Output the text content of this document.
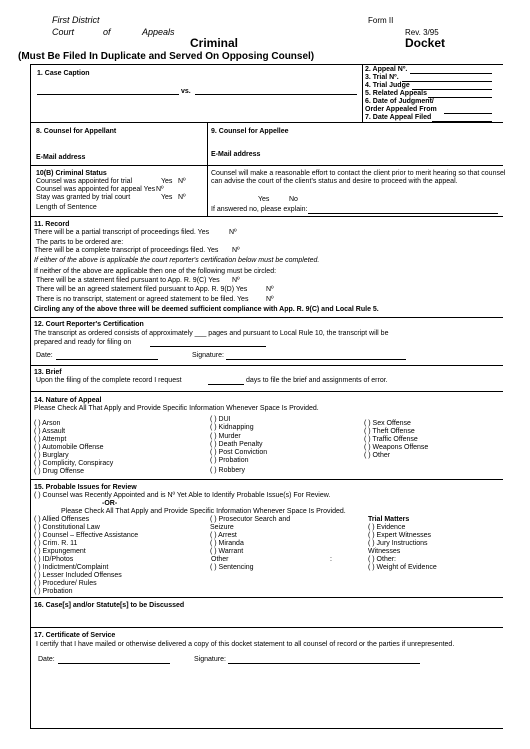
First District
Court	of	Appeals
Form II
Rev. 3/95
Criminal	Docket
(Must Be Filed In Duplicate and Served On Opposing Counsel)
1. Case Caption
vs.
2. Appeal Nº.
3. Trial Nº.
4. Trial Judge
5. Related Appeals
6. Date of Judgment/
Order Appealed From
7. Date Appeal Filed
8. Counsel for Appellant
E-Mail address
9. Counsel for Appellee
E-Mail address
10(B) Criminal Status
Counsel was appointed for trial	Yes Nº
Counsel was appointed for appeal Yes Nº
Stay was granted by trial court	Yes Nº
Length of Sentence
Counsel will make a reasonable effort to contact the client prior to merit hearing so that counsel
can advise the court of the client’s status and desire to proceed with the appeal.
Yes	No
If answered no, please explain:
11. Record
There will be a partial transcript of proceedings filed. Yes	Nº
The parts to be ordered are:
There will be a complete transcript of proceedings filed. Yes Nº
If either of the above is applicable the court reporter's certification below must be completed.
If neither of the above are applicable then one of the following must be circled:
There will be a statement filed pursuant to App. R. 9(C) Yes Nº
There will be an agreed statement filed pursuant to App. R. 9(D) Yes	Nº
There is no transcript, statement or agreed statement to be filed. Yes	Nº
Circling any of the above three will be deemed sufficient compliance with App. R. 9(C) and Local Rule 5.
12. Court Reporter's Certification
The transcript as ordered consists of approximately ___ pages and pursuant to Local Rule 10, the transcript will be
prepared and ready for filing on
Date:	Signature:
13. Brief
Upon the filing of the complete record I request	days to file the brief and assignments of error.
14. Nature of Appeal
Please Check All That Apply and Provide Specific Information Whenever Space Is Provided.
( ) Arson
( ) Assault
( ) Attempt
( ) Automobile Offense
( ) Burglary
( ) Complicity, Conspiracy
( ) Drug Offense
( ) DUI
( ) Kidnapping
( ) Murder
( ) Death Penalty
( ) Post Conviction
( ) Probation
( ) Robbery
( ) Sex Offense
( ) Theft Offense
( ) Traffic Offense
( ) Weapons Offense
( ) Other
15. Probable Issues for Review
( ) Counsel was Recently Appointed and is Nº Yet Able to Identify Probable Issue(s) For Review.
-OR-
Please Check All That Apply and Provide Specific Information Whenever Space Is Provided.
( ) Allied Offenses
( ) Constitutional Law
( ) Counsel – Effective Assistance
( ) Crim. R. 11
( ) Expungement
( ) ID/Photos
( ) Indictment/Complaint
( ) Lesser Included Offenses
( ) Procedure/ Rules
( ) Probation
( ) Prosecutor Search and
Seizure
( ) Arrest
( ) Miranda
( ) Warrant
Other	:
( ) Sentencing
Trial Matters
( ) Evidence
( ) Expert Witnesses
( ) Jury Instructions
Witnesses
( ) Other:
( ) Weight of Evidence
16. Case[s] and/or Statute[s] to be Discussed
17. Certificate of Service
I certify that I have mailed or otherwise delivered a copy of this docket statement to all counsel of record or the parties if unrepresented.
Date:	Signature:
